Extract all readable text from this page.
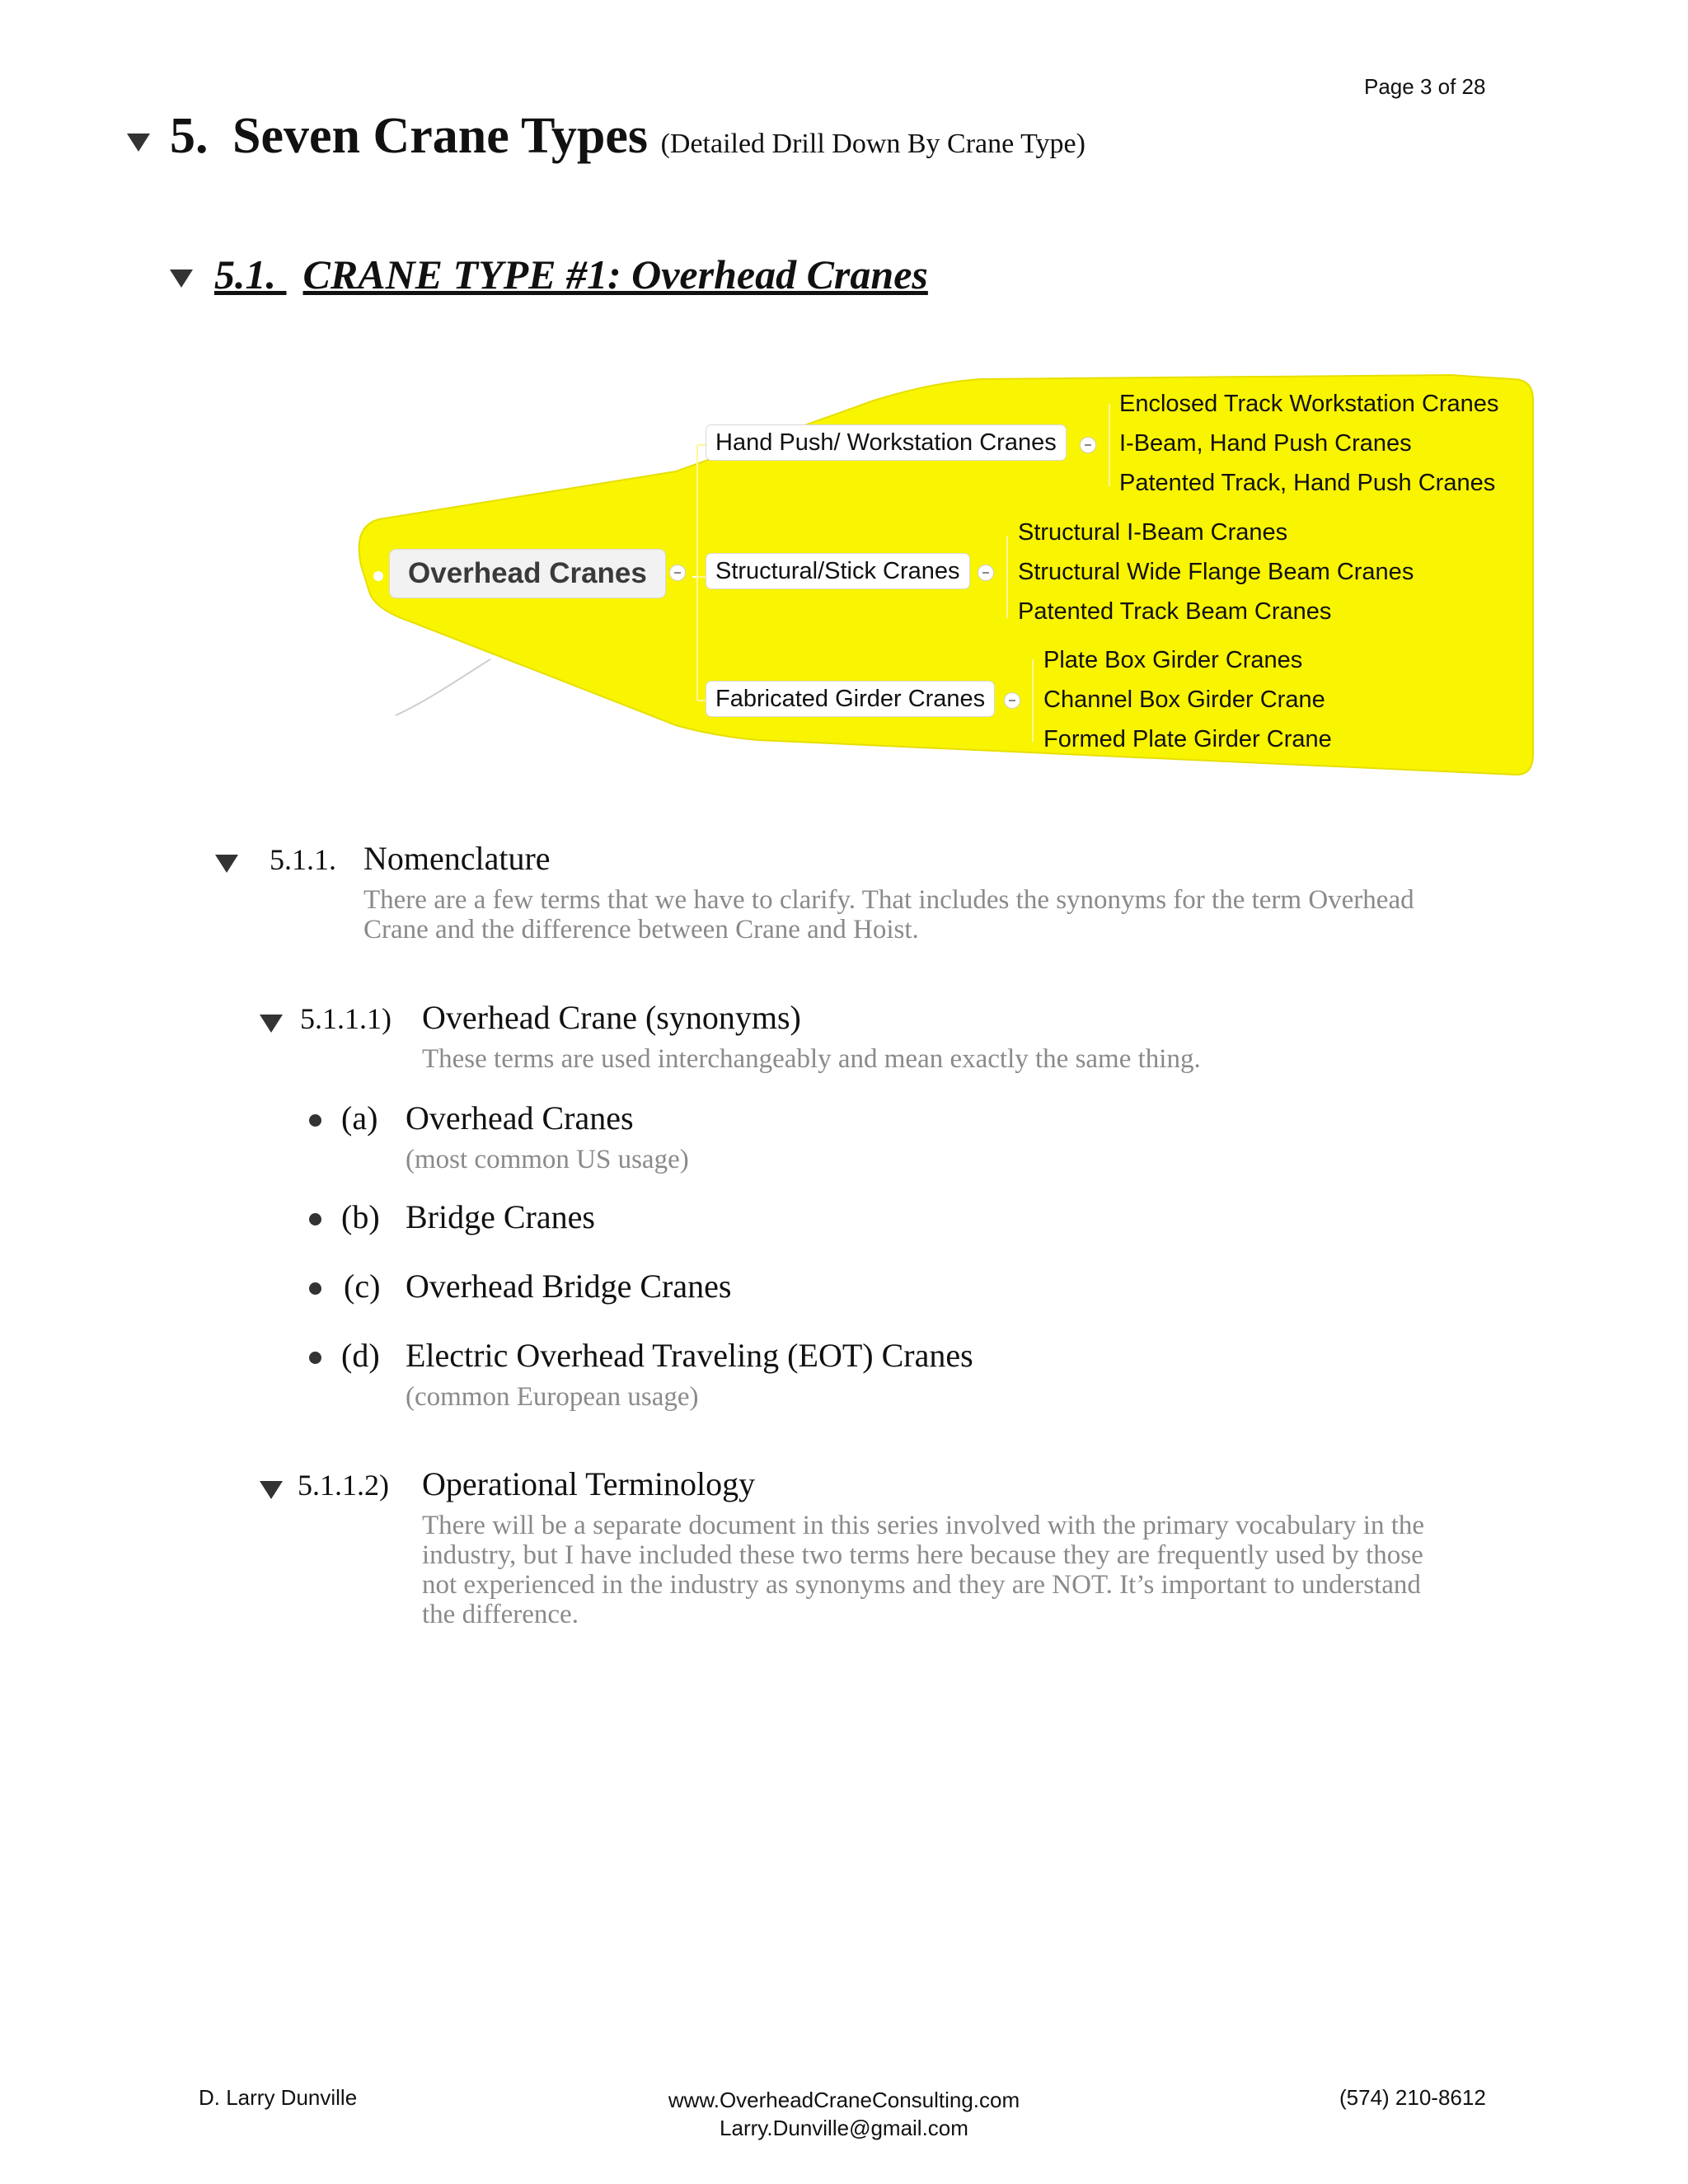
Page 3 of 28
5. Seven Crane Types (Detailed Drill Down By Crane Type)
5.1. CRANE TYPE #1: Overhead Cranes
Overhead Cranes
Hand Push/ Workstation Cranes
Enclosed Track Workstation Cranes
I-Beam, Hand Push Cranes
Patented Track, Hand Push Cranes
Structural/Stick Cranes
Structural I-Beam Cranes
Structural Wide Flange Beam Cranes
Patented Track Beam Cranes
Fabricated Girder Cranes
Plate Box Girder Cranes
Channel Box Girder Crane
Formed Plate Girder Crane
5.1.1. Nomenclature
There are a few terms that we have to clarify. That includes the synonyms for the term Overhead
Crane and the difference between Crane and Hoist.
5.1.1.1) Overhead Crane (synonyms)
These terms are used interchangeably and mean exactly the same thing.
(a) Overhead Cranes
(most common US usage)
(b) Bridge Cranes
(c) Overhead Bridge Cranes
(d) Electric Overhead Traveling (EOT) Cranes
(common European usage)
5.1.1.2) Operational Terminology
There will be a separate document in this series involved with the primary vocabulary in the
industry, but I have included these two terms here because they are frequently used by those
not experienced in the industry as synonyms and they are NOT. It’s important to understand
the difference.
D. Larry Dunville	www.OverheadCraneConsulting.com
Larry.Dunville@gmail.com
(574) 210-8612
